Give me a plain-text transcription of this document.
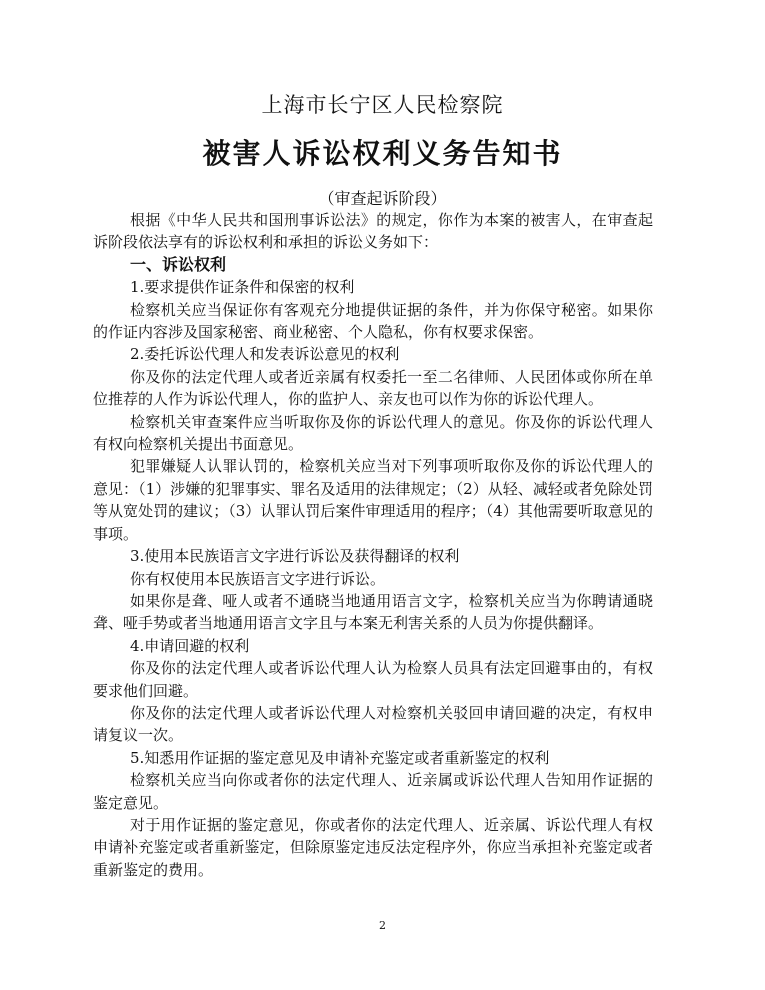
上海市长宁区人民检察院
被害人诉讼权利义务告知书
（审查起诉阶段）

根据《中华人民共和国刑事诉讼法》的规定，你作为本案的被害人，在审查起诉阶段依法享有的诉讼权利和承担的诉讼义务如下：

一、诉讼权利

1.要求提供作证条件和保密的权利

检察机关应当保证你有客观充分地提供证据的条件，并为你保守秘密。如果你的作证内容涉及国家秘密、商业秘密、个人隐私，你有权要求保密。

2.委托诉讼代理人和发表诉讼意见的权利

你及你的法定代理人或者近亲属有权委托一至二名律师、人民团体或你所在单位推荐的人作为诉讼代理人，你的监护人、亲友也可以作为你的诉讼代理人。

检察机关审查案件应当听取你及你的诉讼代理人的意见。你及你的诉讼代理人有权向检察机关提出书面意见。

犯罪嫌疑人认罪认罚的，检察机关应当对下列事项听取你及你的诉讼代理人的意见：（1）涉嫌的犯罪事实、罪名及适用的法律规定；（2）从轻、减轻或者免除处罚等从宽处罚的建议；（3）认罪认罚后案件审理适用的程序；（4）其他需要听取意见的事项。

3.使用本民族语言文字进行诉讼及获得翻译的权利

你有权使用本民族语言文字进行诉讼。

如果你是聋、哑人或者不通晓当地通用语言文字，检察机关应当为你聘请通晓聋、哑手势或者当地通用语言文字且与本案无利害关系的人员为你提供翻译。

4.申请回避的权利

你及你的法定代理人或者诉讼代理人认为检察人员具有法定回避事由的，有权要求他们回避。

你及你的法定代理人或者诉讼代理人对检察机关驳回申请回避的决定，有权申请复议一次。

5.知悉用作证据的鉴定意见及申请补充鉴定或者重新鉴定的权利

检察机关应当向你或者你的法定代理人、近亲属或诉讼代理人告知用作证据的鉴定意见。

对于用作证据的鉴定意见，你或者你的法定代理人、近亲属、诉讼代理人有权申请补充鉴定或者重新鉴定，但除原鉴定违反法定程序外，你应当承担补充鉴定或者重新鉴定的费用。

2
